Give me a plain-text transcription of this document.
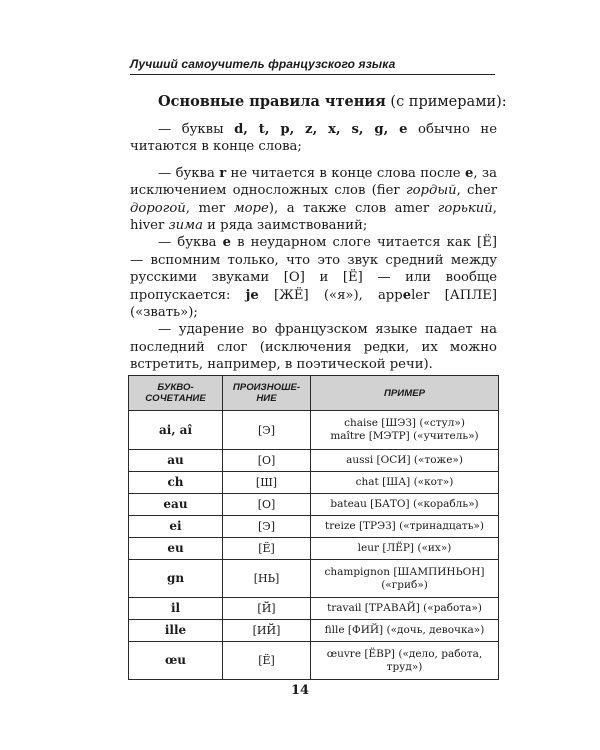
Лучший самоучитель французского языка
Основные правила чтения (с примерами):

— буквы d, t, p, z, x, s, g, e обычно не читаются в конце слова;

— буква r не читается в конце слова после е, за исключением односложных слов (fier гордый, cher дорогой, mer море), а также слов amer горький, hiver зима и ряда заимствований;

— буква е в неударном слоге читается как [Ё] — вспомним только, что это звук средний между русскими звуками [О] и [Ё] — или вообще пропускается: je [ЖЁ] («я»), appeler [АПЛЕ] («звать»);

— ударение во французском языке падает на последний слог (исключения редки, их можно встретить, например, в поэтической речи).

БУКВО-СОЧЕТАНИЕ	ПРОИЗНОШЕ-НИЕ	ПРИМЕР
ai, aî	[Э]	chaise [ШЭЗ] («стул»)
maître [МЭТР] («учитель»)

au	[О]	aussi [ОСИ] («тоже»)
ch	[Ш]	chat [ША] («кот»)
eau	[О]	bateau [БАТО] («корабль»)
ei	[Э]	treize [ТРЭЗ] («тринадцать»)
eu	[Ё]	leur [ЛЁР] («их»)
gn	[НЬ]	champignon [ШАМПИНЬОН]
(«гриб»)

il	[Й]	travail [ТРАВАЙ] («работа»)
ille	[ИЙ]	fille [ФИЙ] («дочь, девочка»)
œu	[Ё]	œuvre [ЁВР] («дело, работа,
труд»)
14
